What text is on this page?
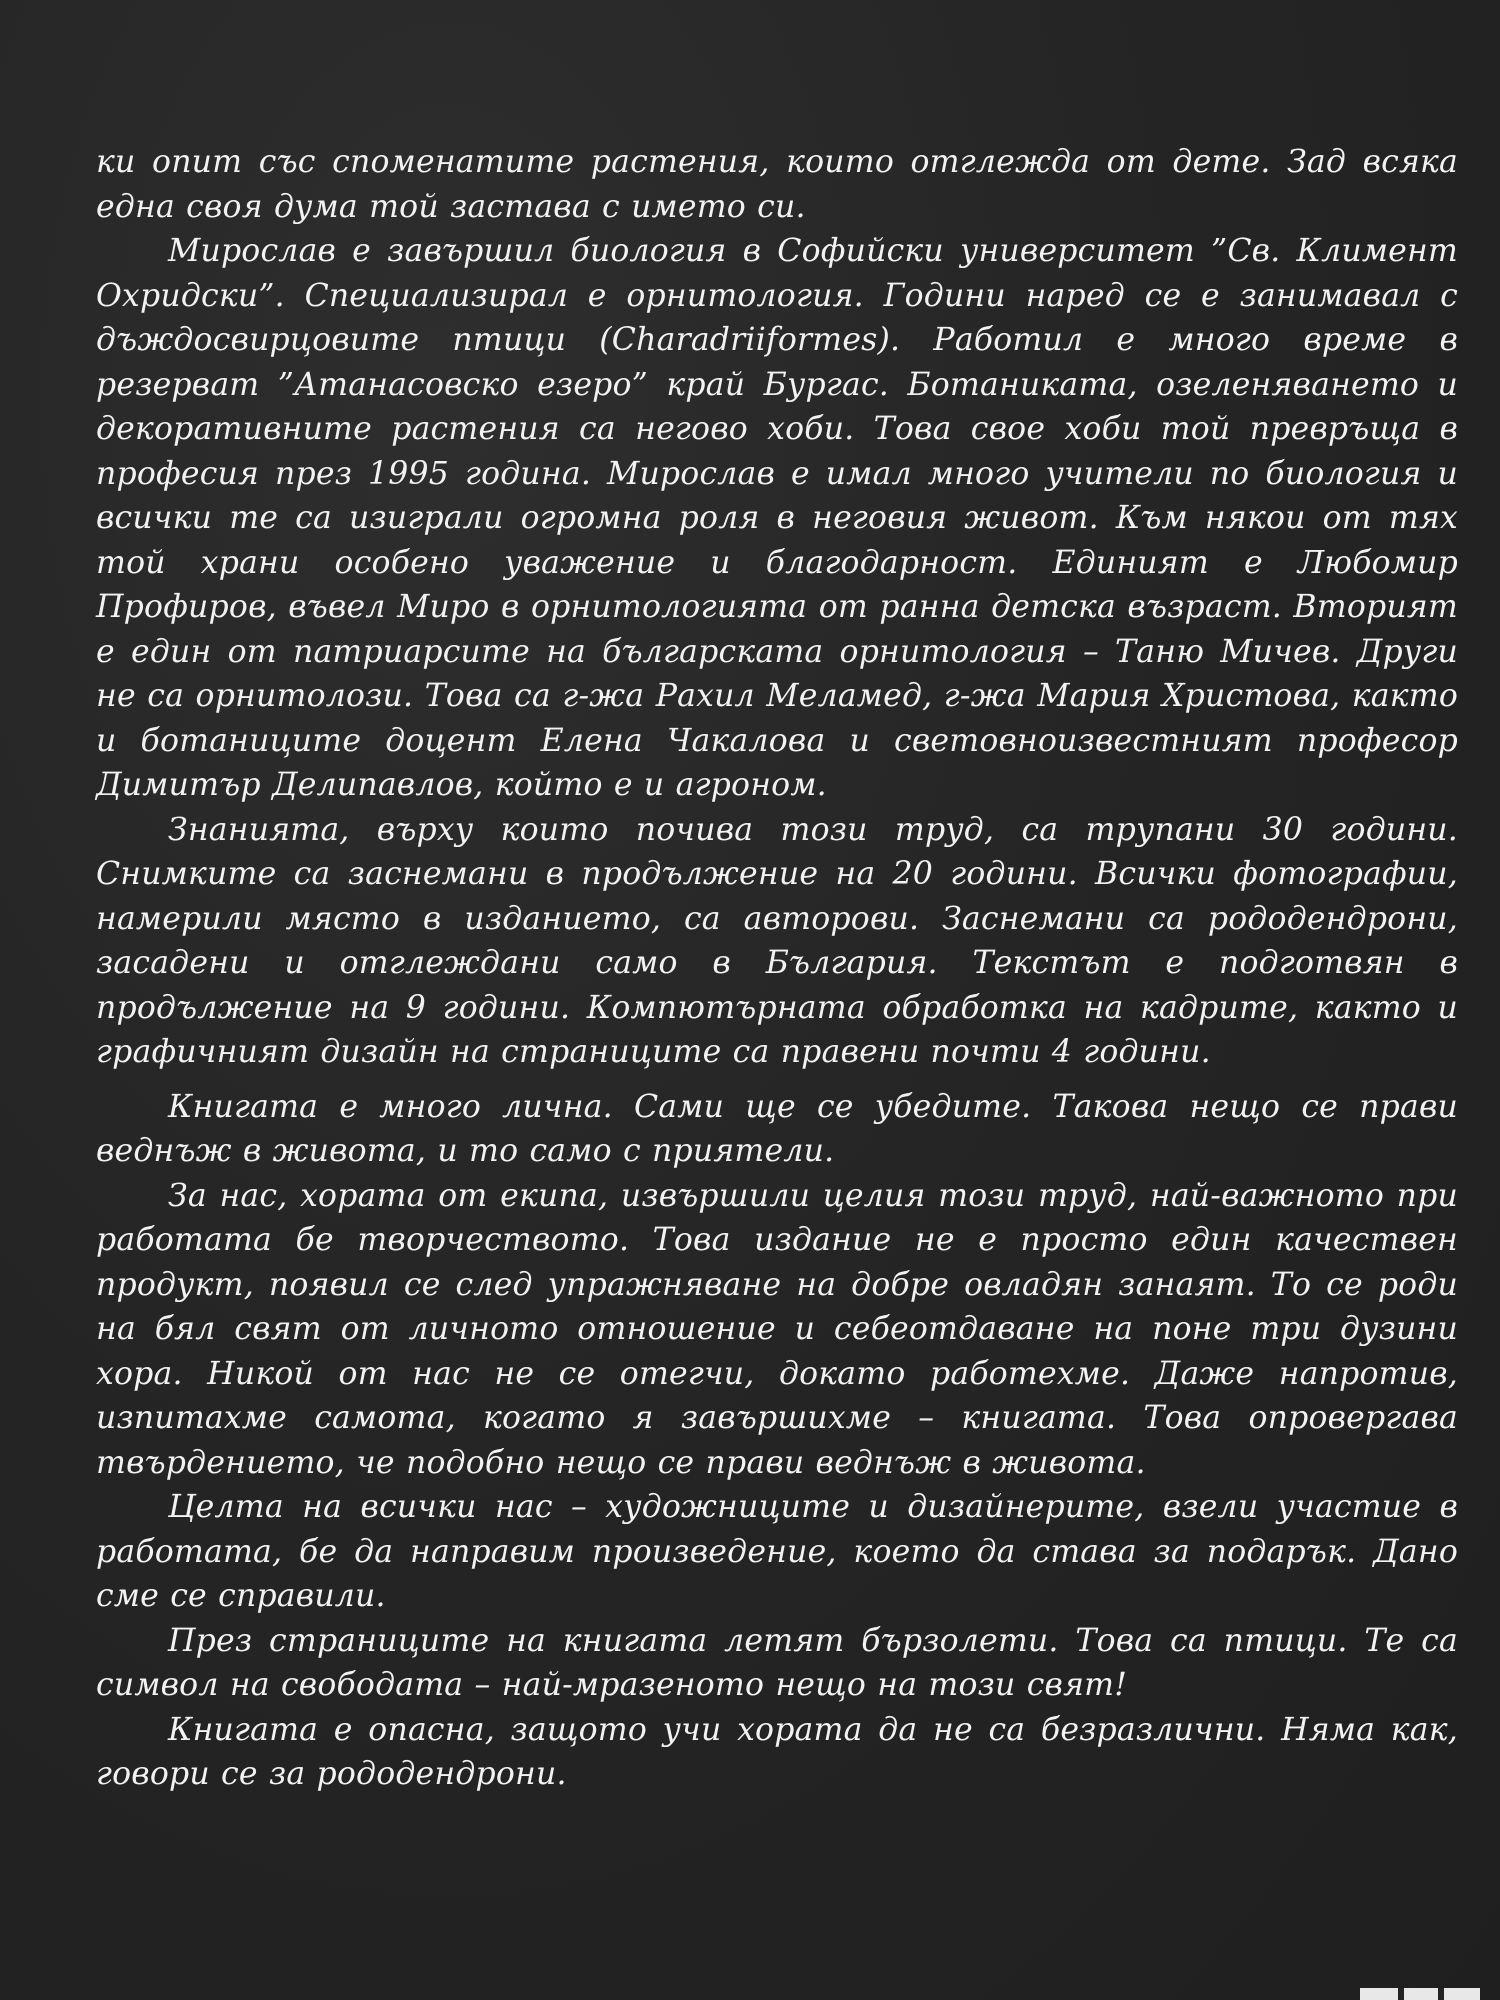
ки опит със споменатите растения, които отглежда от дете. Зад всяка една своя дума той застава с името си.

Мирослав е завършил биология в Софийски университет ”Св. Климент Охридски”. Специализирал е орнитология. Години наред се е занимавал с дъждосвирцовите птици (Charadriiformes). Работил е много време в резерват ”Атанасовско езеро” край Бургас. Ботаниката, озеленяването и декоративните растения са негово хоби. Това свое хоби той превръща в професия през 1995 година. Мирослав е имал много учители по биология и всички те са изиграли огромна роля в неговия живот. Към някои от тях той храни особено уважение и благодарност. Единият е Любомир Профиров, въвел Миро в орнитологията от ранна детска възраст. Вторият е един от патриарсите на българската орнитология – Таню Мичев. Други не са орнитолози. Това са г-жа Рахил Меламед, г-жа Мария Христова, както и ботаниците доцент Елена Чакалова и световноизвестният професор Димитър Делипавлов, който е и агроном.

Знанията, върху които почива този труд, са трупани 30 години. Снимките са заснемани в продължение на 20 години. Всички фотографии, намерили място в изданието, са авторови. Заснемани са рододендрони, засадени и отглеждани само в България. Текстът е подготвян в продължение на 9 години. Компютърната обработка на кадрите, както и графичният дизайн на страниците са правени почти 4 години.

Книгата е много лична. Сами ще се убедите. Такова нещо се прави веднъж в живота, и то само с приятели.

За нас, хората от екипа, извършили целия този труд, най-важното при работата бе творчеството. Това издание не е просто един качествен продукт, появил се след упражняване на добре овладян занаят. То се роди на бял свят от личното отношение и себеотдаване на поне три дузини хора. Никой от нас не се отегчи, докато работехме. Даже напротив, изпитахме самота, когато я завършихме – книгата. Това опровергава твърдението, че подобно нещо се прави веднъж в живота.

Целта на всички нас – художниците и дизайнерите, взели участие в работата, бе да направим произведение, което да става за подарък. Дано сме се справили.

През страниците на книгата летят бързолети. Това са птици. Те са символ на свободата – най-мразеното нещо на този свят!

Книгата е опасна, защото учи хората да не са безразлични. Няма как, говори се за рододендрони.
